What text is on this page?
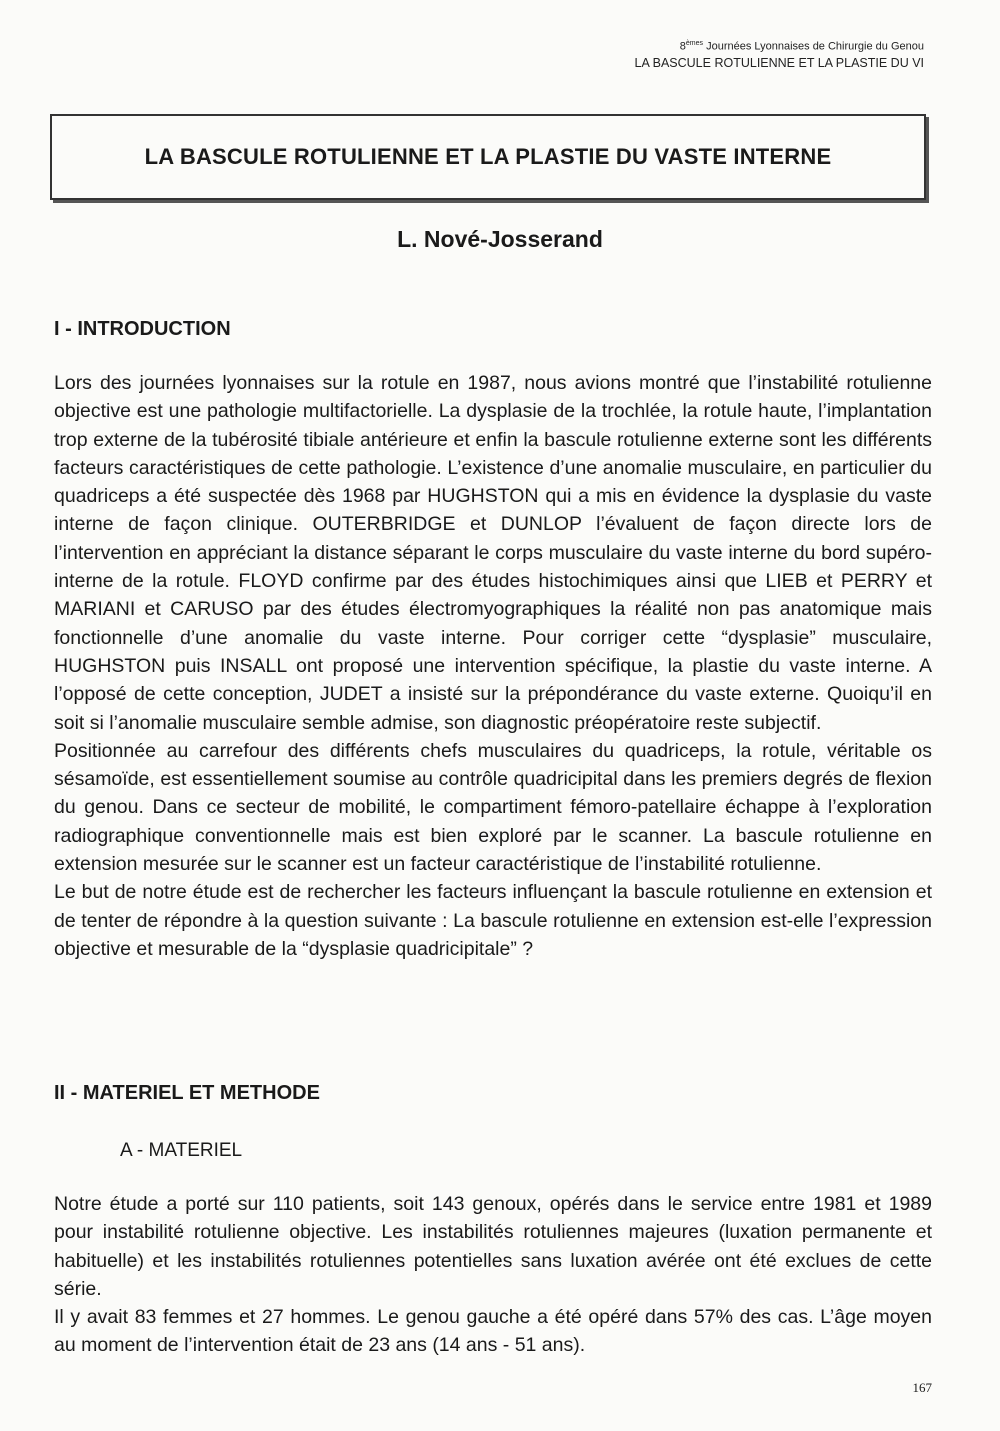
8èmes Journées Lyonnaises de Chirurgie du Genou
LA BASCULE ROTULIENNE ET LA PLASTIE DU VI
LA BASCULE ROTULIENNE ET LA PLASTIE DU VASTE INTERNE
L. Nové-Josserand
I - INTRODUCTION

Lors des journées lyonnaises sur la rotule en 1987, nous avions montré que l’instabilité rotulienne objective est une pathologie multifactorielle. La dysplasie de la trochlée, la rotule haute, l’implantation trop externe de la tubérosité tibiale antérieure et enfin la bascule rotulienne externe sont les différents facteurs caractéristiques de cette pathologie. L’existence d’une anomalie musculaire, en particulier du quadriceps a été suspectée dès 1968 par HUGHSTON qui a mis en évidence la dysplasie du vaste interne de façon clinique. OUTERBRIDGE et DUNLOP l’évaluent de façon directe lors de l’intervention en appréciant la distance séparant le corps musculaire du vaste interne du bord supéro-interne de la rotule. FLOYD confirme par des études histochimiques ainsi que LIEB et PERRY et MARIANI et CARUSO par des études électromyographiques la réalité non pas anatomique mais fonctionnelle d’une anomalie du vaste interne. Pour corriger cette “dysplasie” musculaire, HUGHSTON puis INSALL ont proposé une intervention spécifique, la plastie du vaste interne. A l’opposé de cette conception, JUDET a insisté sur la prépondérance du vaste externe. Quoiqu’il en soit si l’anomalie musculaire semble admise, son diagnostic préopératoire reste subjectif.

Positionnée au carrefour des différents chefs musculaires du quadriceps, la rotule, véritable os sésamoïde, est essentiellement soumise au contrôle quadricipital dans les premiers degrés de flexion du genou. Dans ce secteur de mobilité, le compartiment fémoro-patellaire échappe à l’exploration radiographique conventionnelle mais est bien exploré par le scanner. La bascule rotulienne en extension mesurée sur le scanner est un facteur caractéristique de l’instabilité rotulienne.

Le but de notre étude est de rechercher les facteurs influençant la bascule rotulienne en extension et de tenter de répondre à la question suivante : La bascule rotulienne en extension est-elle l’expression objective et mesurable de la “dysplasie quadricipitale” ?

II - MATERIEL ET METHODE
A - MATERIEL

Notre étude a porté sur 110 patients, soit 143 genoux, opérés dans le service entre 1981 et 1989 pour instabilité rotulienne objective. Les instabilités rotuliennes majeures (luxation permanente et habituelle) et les instabilités rotuliennes potentielles sans luxation avérée ont été exclues de cette série.

Il y avait 83 femmes et 27 hommes. Le genou gauche a été opéré dans 57% des cas. L’âge moyen au moment de l’intervention était de 23 ans (14 ans - 51 ans).

167
